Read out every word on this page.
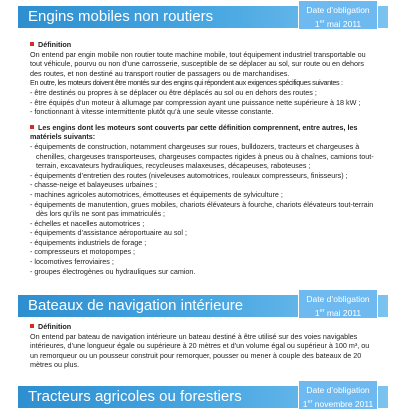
Engins mobiles non routiers	Date d’obligation
1er mai 2011
Définition

On entend par engin mobile non routier toute machine mobile, tout équipement industriel transportable ou tout véhicule, pourvu ou non d’une carrosserie, susceptible de se déplacer au sol, sur route ou en dehors des routes, et non destiné au transport routier de passagers ou de marchandises.

En outre, les moteurs doivent être montés sur des engins qui répondent aux exigences spécifiques suivantes :

- être destinés ou propres à se déplacer ou être déplacés au sol ou en dehors des routes ;
- être équipés d’un moteur à allumage par compression ayant une puissance nette supérieure à 18 kW ;
- fonctionnant à vitesse intermittente plutôt qu’à une seule vitesse constante.
Les engins dont les moteurs sont couverts par cette définition comprennent, entre autres, les matériels suivants:
- équipements de construction, notamment chargeuses sur roues, bulldozers, tracteurs et chargeuses à chenilles, chargeuses transporteuses, chargeuses compactes rigides à pneus ou à chaînes, camions tout-terrain, excavateurs hydrauliques, recycleuses malaxeuses, décapeuses, raboteuses ;
- équipements d’entretien des routes (niveleuses automotrices, rouleaux compresseurs, finisseurs) ;
- chasse-neige et balayeuses urbaines ;
- machines agricoles automotrices, émotteuses et équipements de sylviculture ;
- équipements de manutention, grues mobiles, chariots élévateurs à fourche, chariots élévateurs tout-terrain dès lors qu’ils ne sont pas immatriculés ;
- échelles et nacelles automotrices ;
- équipements d’assistance aéroportuaire au sol ;
- équipements industriels de forage ;
- compresseurs et motopompes ;
- locomotives ferroviaires ;
- groupes électrogènes ou hydrauliques sur camion.
Bateaux de navigation intérieure	Date d’obligation
1er mai 2011
Définition

On entend par bateau de navigation intérieure un bateau destiné à être utilisé sur des voies navigables intérieures, d’une longueur égale ou supérieure à 20 mètres et d’un volume égal ou supérieur à 100 m³, ou un remorqueur ou un pousseur construit pour remorquer, pousser ou mener à couple des bateaux de 20 mètres ou plus.

Tracteurs agricoles ou forestiers	Date d’obligation
1er novembre 2011
